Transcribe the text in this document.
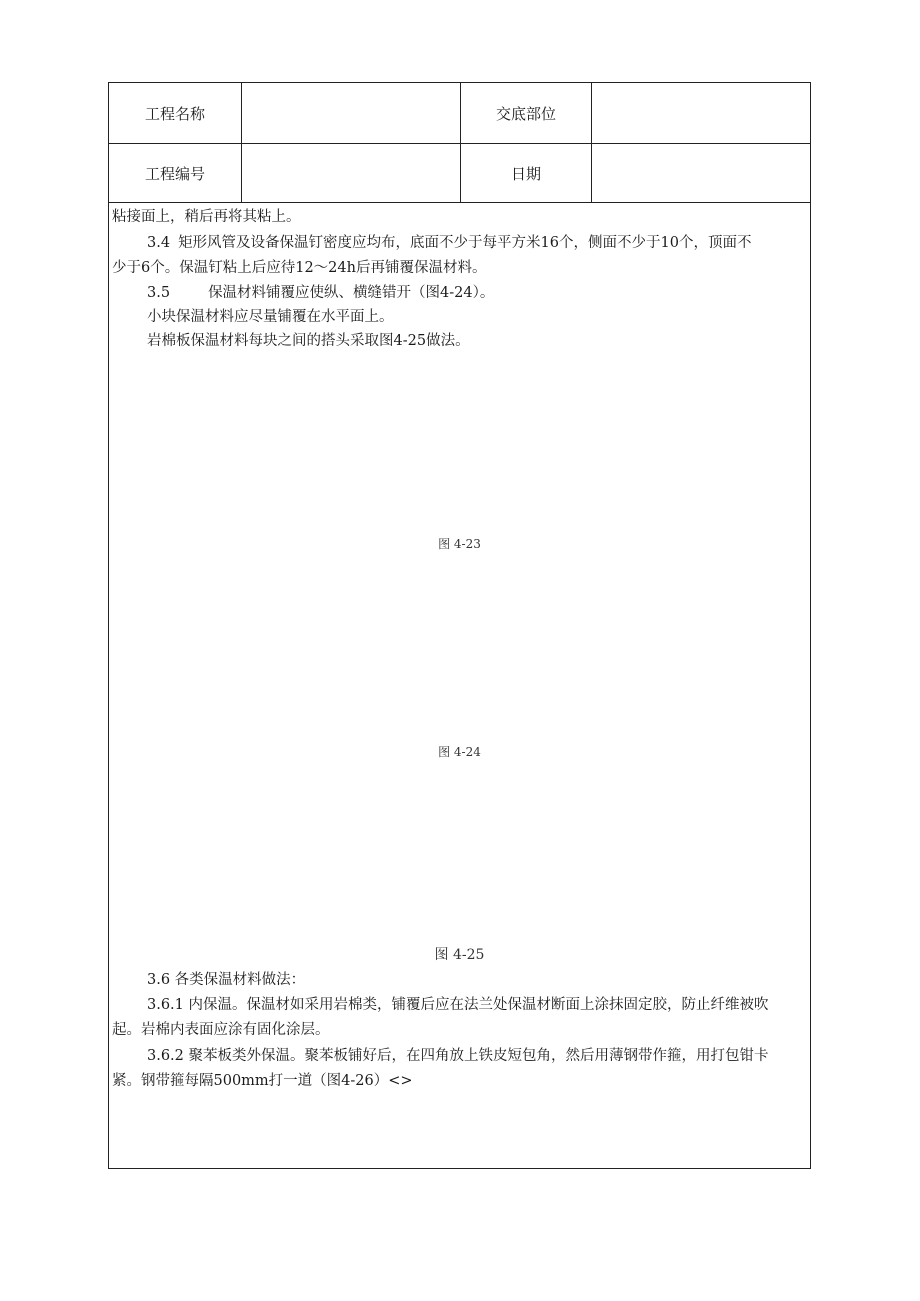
工程名称	交底部位
工程编号	日期
粘接面上，稍后再将其粘上。
3.4 矩形风管及设备保温钉密度应均布，底面不少于每平方米16个，侧面不少于10个，顶面不
少于6个。保温钉粘上后应待12～24h后再铺覆保温材料。
3.5	保温材料铺覆应使纵、横缝错开（图4-24）。
小块保温材料应尽量铺覆在水平面上。
岩棉板保温材料每块之间的搭头采取图4-25做法。
图 4-23
图 4-24
图 4-25
3.6 各类保温材料做法：
3.6.1 内保温。保温材如采用岩棉类，铺覆后应在法兰处保温材断面上涂抹固定胶，防止纤维被吹
起。岩棉内表面应涂有固化涂层。
3.6.2 聚苯板类外保温。聚苯板铺好后，在四角放上铁皮短包角，然后用薄钢带作箍，用打包钳卡
紧。钢带箍每隔500mm打一道（图4-26）<>
